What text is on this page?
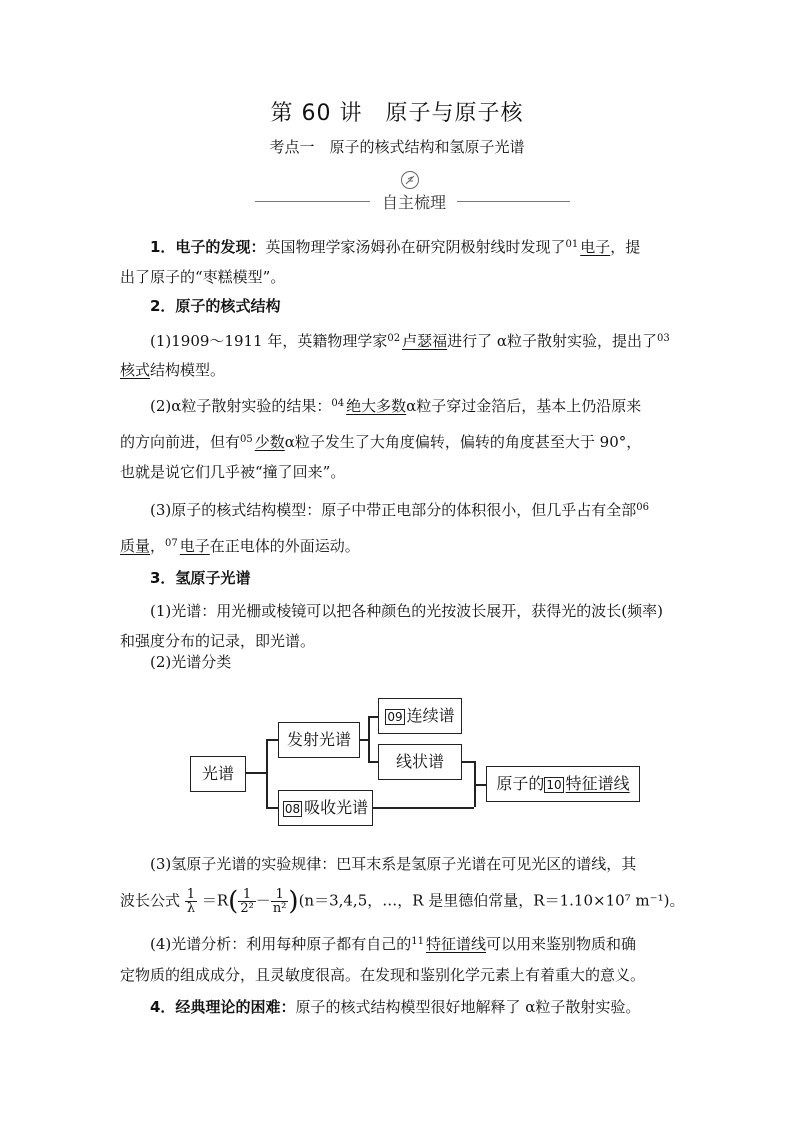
第 60 讲　原子与原子核
考点一　原子的核式结构和氢原子光谱
自主梳理

1．电子的发现：英国物理学家汤姆孙在研究阴极射线时发现了$^{01}$ 电子，提

出了原子的“枣糕模型”。

2．原子的核式结构

(1)1909～1911 年，英籍物理学家$^{02}$ 卢瑟福进行了 α粒子散射实验，提出了$^{03}$

核式结构模型。

(2)α粒子散射实验的结果：$^{04}$ 绝大多数α粒子穿过金箔后，基本上仍沿原来

的方向前进，但有$^{05}$ 少数α粒子发生了大角度偏转，偏转的角度甚至大于 90°，

也就是说它们几乎被“撞了回来”。

(3)原子的核式结构模型：原子中带正电部分的体积很小，但几乎占有全部$^{06}$

质量，$^{07}$ 电子在正电体的外面运动。

3．氢原子光谱

(1)光谱：用光栅或棱镜可以把各种颜色的光按波长展开，获得光的波长(频率)和强度分布的记录，即光谱。

(2)光谱分类

光谱
发射光谱
09 连续谱
线状谱
08 吸收光谱
原子的 10 特征谱线

(3)氢原子光谱的实验规律：巴耳末系是氢原子光谱在可见光区的谱线，其

波长公式 $\frac{1}{\lambda} =R( \frac{1}{\text{2²}} - \frac{1}{\text{n²}} )(n=3,4,5$，…，R 是里德伯常量，R＝1.10×10⁷ m⁻¹)。

(4)光谱分析：利用每种原子都有自己的$^{11}$ 特征谱线可以用来鉴别物质和确

定物质的组成成分，且灵敏度很高。在发现和鉴别化学元素上有着重大的意义。

4．经典理论的困难：原子的核式结构模型很好地解释了 α粒子散射实验。
